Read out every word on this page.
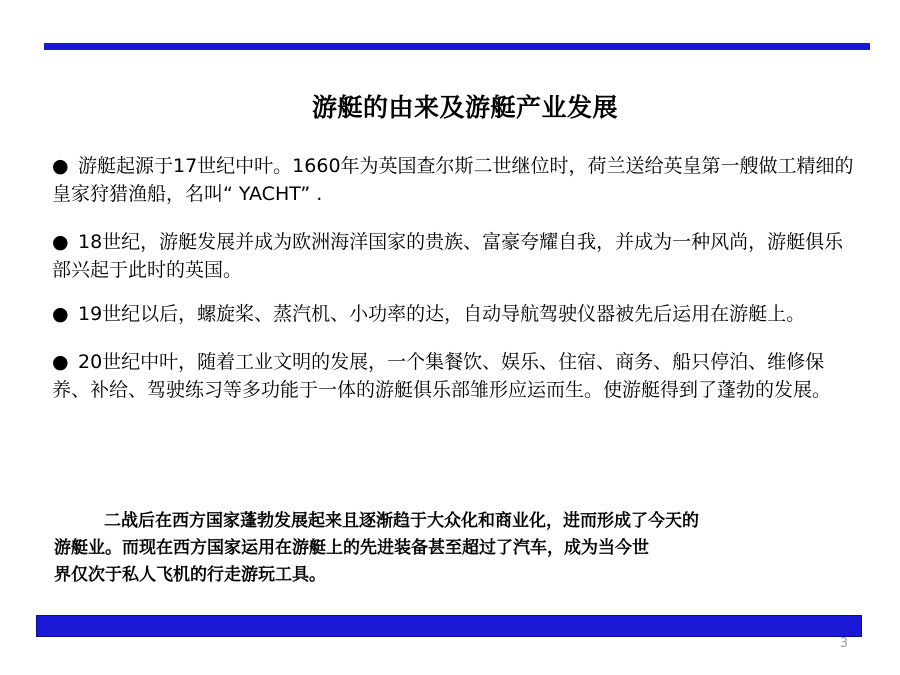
游艇的由来及游艇产业发展
● 游艇起源于17世纪中叶。1660年为英国查尔斯二世继位时，荷兰送给英皇第一艘做工精细的皇家狩猎渔船，名叫“ YACHT” .
● 18世纪，游艇发展并成为欧洲海洋国家的贵族、富豪夸耀自我，并成为一种风尚，游艇俱乐部兴起于此时的英国。
● 19世纪以后，螺旋桨、蒸汽机、小功率的达，自动导航驾驶仪器被先后运用在游艇上。
● 20世纪中叶，随着工业文明的发展，一个集餐饮、娱乐、住宿、商务、船只停泊、维修保养、补给、驾驶练习等多功能于一体的游艇俱乐部雏形应运而生。使游艇得到了蓬勃的发展。
二战后在西方国家蓬勃发展起来且逐渐趋于大众化和商业化，进而形成了今天的
游艇业。而现在西方国家运用在游艇上的先进装备甚至超过了汽车，成为当今世
界仅次于私人飞机的行走游玩工具。
3
